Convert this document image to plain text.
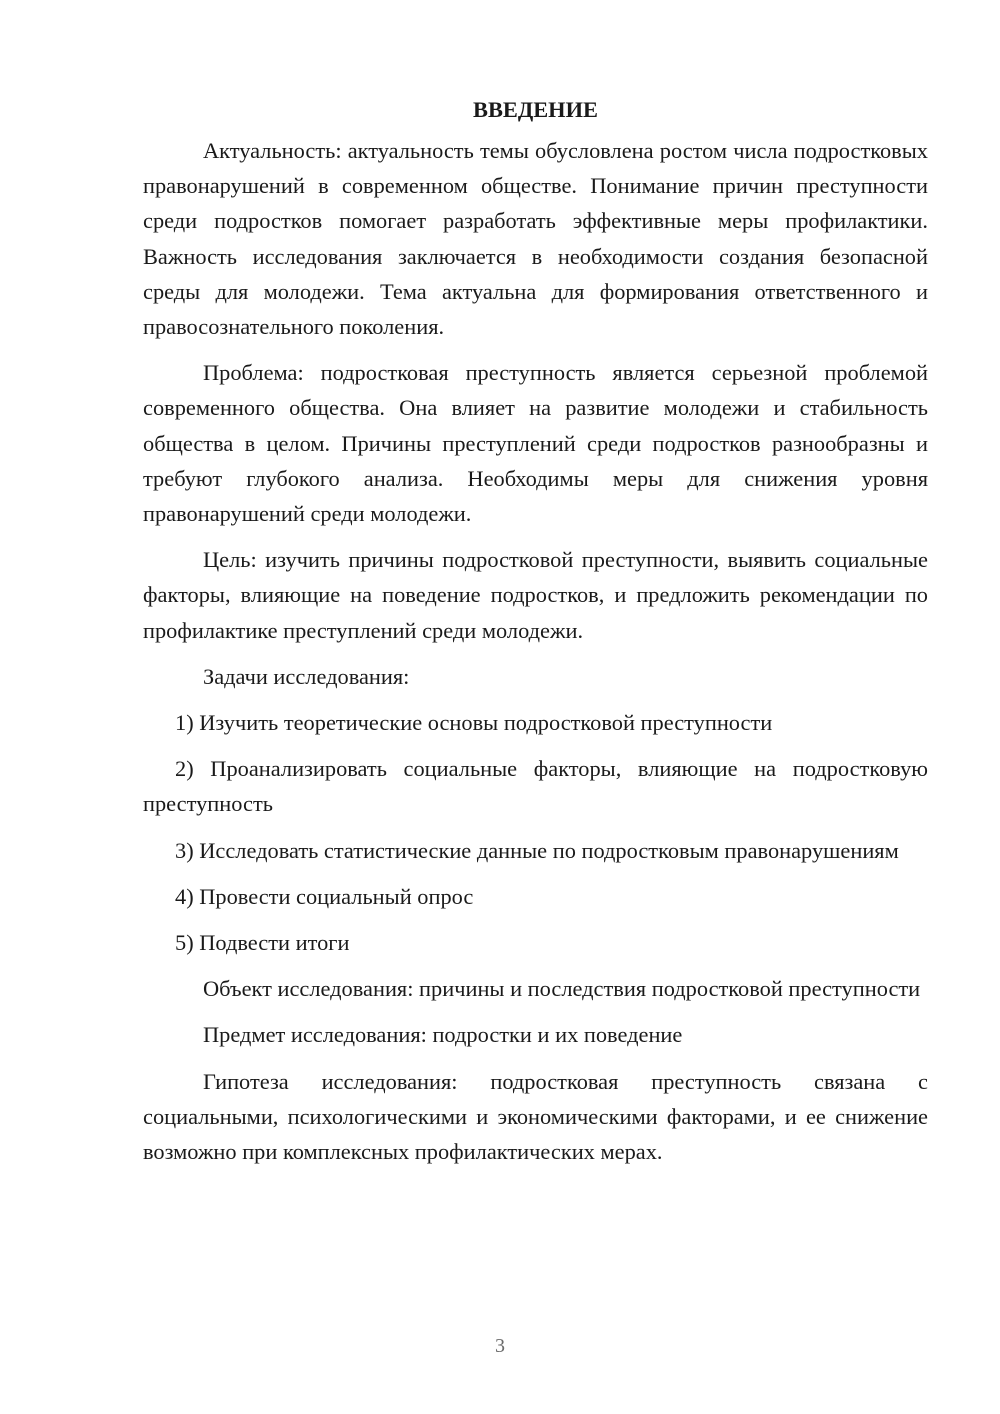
ВВЕДЕНИЕ

Актуальность: актуальность темы обусловлена ростом числа подростковых правонарушений в современном обществе. Понимание причин преступности среди подростков помогает разработать эффективные меры профилактики. Важность исследования заключается в необходимости создания безопасной среды для молодежи. Тема актуальна для формирования ответственного и правосознательного поколения.

Проблема: подростковая преступность является серьезной проблемой современного общества. Она влияет на развитие молодежи и стабильность общества в целом. Причины преступлений среди подростков разнообразны и требуют глубокого анализа. Необходимы меры для снижения уровня правонарушений среди молодежи.

Цель: изучить причины подростковой преступности, выявить социальные факторы, влияющие на поведение подростков, и предложить рекомендации по профилактике преступлений среди молодежи.

Задачи исследования:

1) Изучить теоретические основы подростковой преступности

2) Проанализировать социальные факторы, влияющие на подростковую преступность

3) Исследовать статистические данные по подростковым правонарушениям

4) Провести социальный опрос

5) Подвести итоги

Объект исследования: причины и последствия подростковой преступности

Предмет исследования: подростки и их поведение

Гипотеза исследования: подростковая преступность связана с социальными, психологическими и экономическими факторами, и ее снижение возможно при комплексных профилактических мерах.

3
